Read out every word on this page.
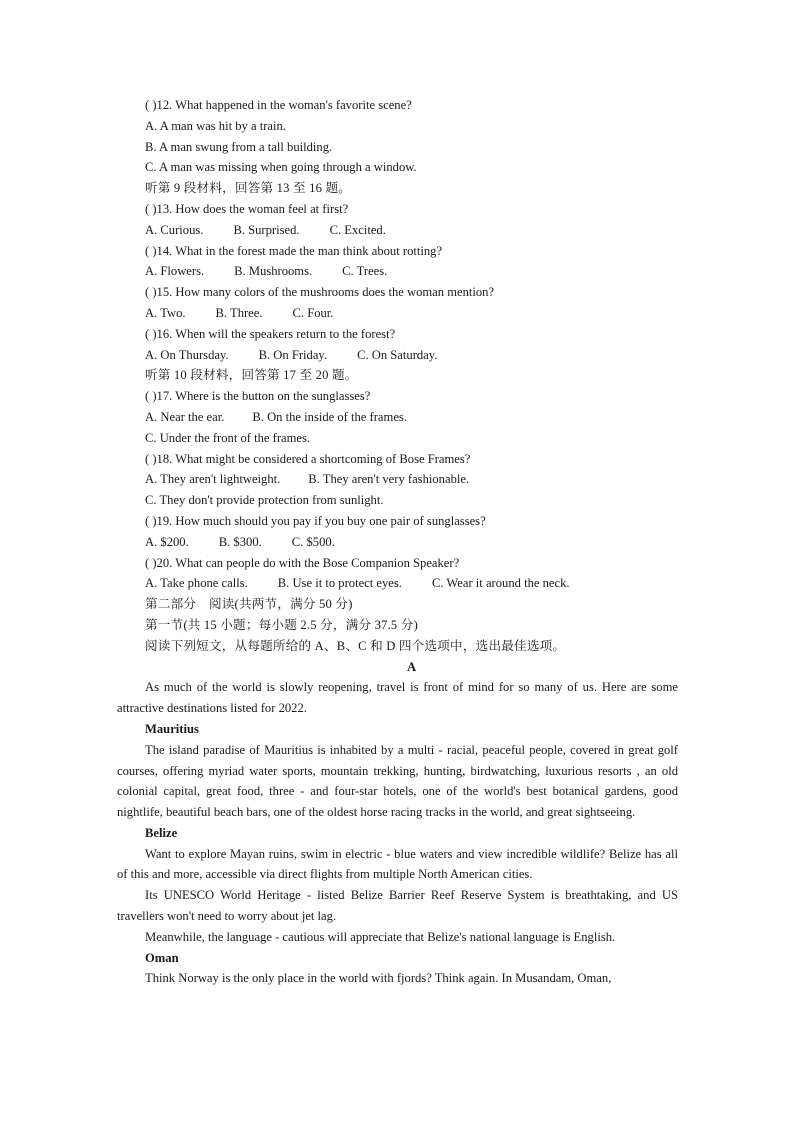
( )12. What happened in the woman's favorite scene?
A. A man was hit by a train.
B. A man swung from a tall building.
C. A man was missing when going through a window.
听第 9 段材料，回答第 13 至 16 题。
( )13. How does the woman feel at first?
A. Curious. B. Surprised. C. Excited.
( )14. What in the forest made the man think about rotting?
A. Flowers. B. Mushrooms. C. Trees.
( )15. How many colors of the mushrooms does the woman mention?
A. Two. B. Three. C. Four.
( )16. When will the speakers return to the forest?
A. On Thursday. B. On Friday. C. On Saturday.
听第 10 段材料，回答第 17 至 20 题。
( )17. Where is the button on the sunglasses?
A. Near the ear. B. On the inside of the frames.
C. Under the front of the frames.
( )18. What might be considered a shortcoming of Bose Frames?
A. They aren't lightweight. B. They aren't very fashionable.
C. They don't provide protection from sunlight.
( )19. How much should you pay if you buy one pair of sunglasses?
A. $200. B. $300. C. $500.
( )20. What can people do with the Bose Companion Speaker?
A. Take phone calls. B. Use it to protect eyes. C. Wear it around the neck.
第二部分　阅读(共两节，满分 50 分)
第一节(共 15 小题；每小题 2.5 分，满分 37.5 分)
阅读下列短文，从每题所给的 A、B、C 和 D 四个选项中，选出最佳选项。
A
As much of the world is slowly reopening, travel is front of mind for so many of us. Here are some attractive destinations listed for 2022.
Mauritius
The island paradise of Mauritius is inhabited by a multi - racial, peaceful people, covered in great golf courses, offering myriad water sports, mountain trekking, hunting, birdwatching, luxurious resorts , an old colonial capital, great food, three - and four-star hotels, one of the world's best botanical gardens, good nightlife, beautiful beach bars, one of the oldest horse racing tracks in the world, and great sightseeing.
Belize
Want to explore Mayan ruins, swim in electric - blue waters and view incredible wildlife? Belize has all of this and more, accessible via direct flights from multiple North American cities.
Its UNESCO World Heritage - listed Belize Barrier Reef Reserve System is breathtaking, and US travellers won't need to worry about jet lag.
Meanwhile, the language - cautious will appreciate that Belize's national language is English.
Oman
Think Norway is the only place in the world with fjords? Think again. In Musandam, Oman,
